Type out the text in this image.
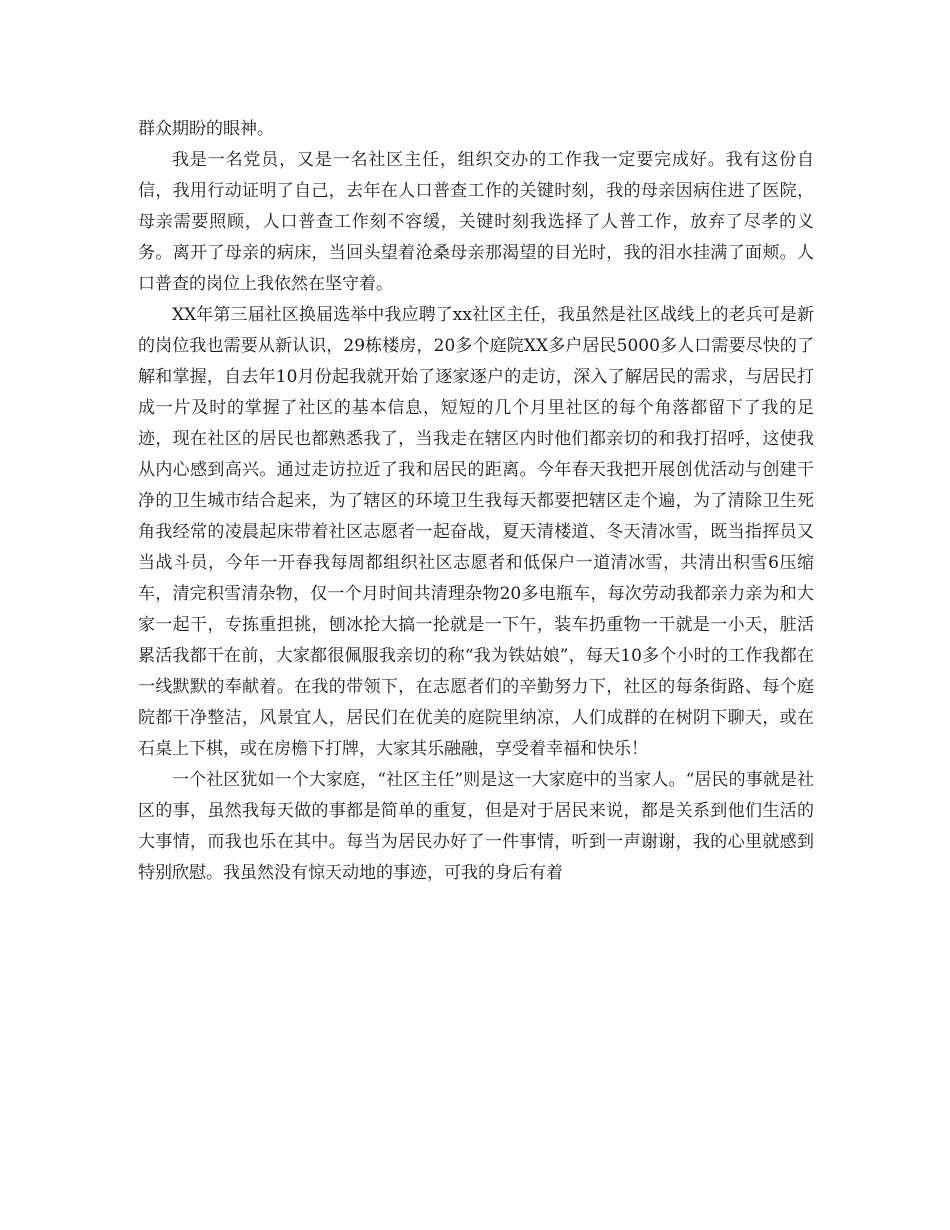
群众期盼的眼神。

我是一名党员，又是一名社区主任，组织交办的工作我一定要完成好。我有这份自信，我用行动证明了自己，去年在人口普查工作的关键时刻，我的母亲因病住进了医院，母亲需要照顾，人口普查工作刻不容缓，关键时刻我选择了人普工作，放弃了尽孝的义务。离开了母亲的病床，当回头望着沧桑母亲那渴望的目光时，我的泪水挂满了面颊。人口普查的岗位上我依然在坚守着。

XX年第三届社区换届选举中我应聘了xx社区主任，我虽然是社区战线上的老兵可是新的岗位我也需要从新认识，29栋楼房，20多个庭院XX多户居民5000多人口需要尽快的了解和掌握，自去年10月份起我就开始了逐家逐户的走访，深入了解居民的需求，与居民打成一片及时的掌握了社区的基本信息，短短的几个月里社区的每个角落都留下了我的足迹，现在社区的居民也都熟悉我了，当我走在辖区内时他们都亲切的和我打招呼，这使我从内心感到高兴。通过走访拉近了我和居民的距离。今年春天我把开展创优活动与创建干净的卫生城市结合起来，为了辖区的环境卫生我每天都要把辖区走个遍，为了清除卫生死角我经常的凌晨起床带着社区志愿者一起奋战，夏天清楼道、冬天清冰雪，既当指挥员又当战斗员，今年一开春我每周都组织社区志愿者和低保户一道清冰雪，共清出积雪6压缩车，清完积雪清杂物，仅一个月时间共清理杂物20多电瓶车，每次劳动我都亲力亲为和大家一起干，专拣重担挑，刨冰抡大搞一抡就是一下午，装车扔重物一干就是一小天，脏活累活我都干在前，大家都很佩服我亲切的称“我为铁姑娘”，每天10多个小时的工作我都在一线默默的奉献着。在我的带领下，在志愿者们的辛勤努力下，社区的每条街路、每个庭院都干净整洁，风景宜人，居民们在优美的庭院里纳凉，人们成群的在树阴下聊天，或在石桌上下棋，或在房檐下打牌，大家其乐融融，享受着幸福和快乐！

一个社区犹如一个大家庭，“社区主任”则是这一大家庭中的当家人。“居民的事就是社区的事，虽然我每天做的事都是简单的重复，但是对于居民来说，都是关系到他们生活的大事情，而我也乐在其中。每当为居民办好了一件事情，听到一声谢谢，我的心里就感到特别欣慰。我虽然没有惊天动地的事迹，可我的身后有着
